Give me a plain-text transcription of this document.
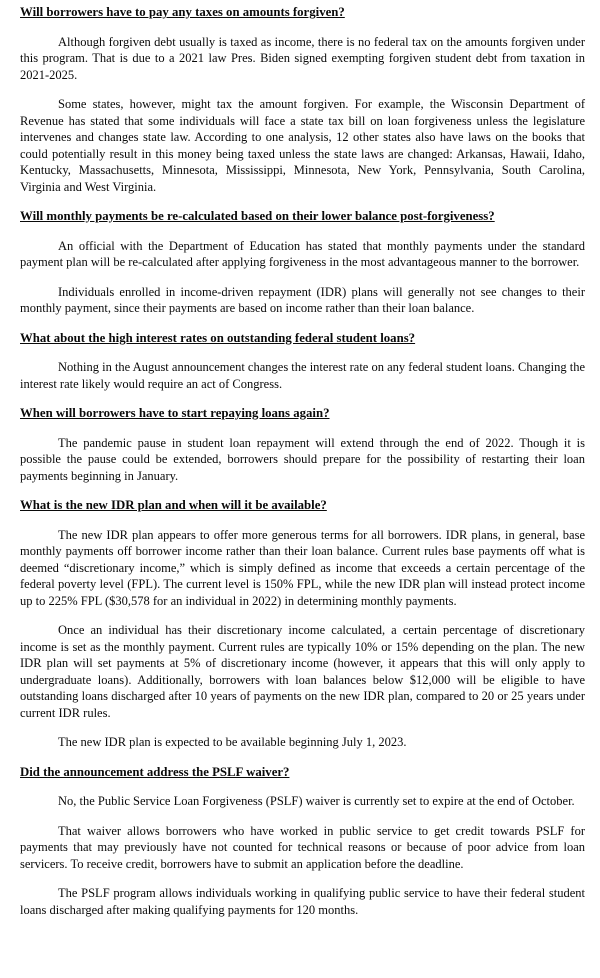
Will borrowers have to pay any taxes on amounts forgiven?

Although forgiven debt usually is taxed as income, there is no federal tax on the amounts forgiven under this program. That is due to a 2021 law Pres. Biden signed exempting forgiven student debt from taxation in 2021-2025.

Some states, however, might tax the amount forgiven. For example, the Wisconsin Department of Revenue has stated that some individuals will face a state tax bill on loan forgiveness unless the legislature intervenes and changes state law. According to one analysis, 12 other states also have laws on the books that could potentially result in this money being taxed unless the state laws are changed: Arkansas, Hawaii, Idaho, Kentucky, Massachusetts, Minnesota, Mississippi, Minnesota, New York, Pennsylvania, South Carolina, Virginia and West Virginia.

Will monthly payments be re-calculated based on their lower balance post-forgiveness?

An official with the Department of Education has stated that monthly payments under the standard payment plan will be re-calculated after applying forgiveness in the most advantageous manner to the borrower.

Individuals enrolled in income-driven repayment (IDR) plans will generally not see changes to their monthly payment, since their payments are based on income rather than their loan balance.

What about the high interest rates on outstanding federal student loans?

Nothing in the August announcement changes the interest rate on any federal student loans. Changing the interest rate likely would require an act of Congress.

When will borrowers have to start repaying loans again?

The pandemic pause in student loan repayment will extend through the end of 2022. Though it is possible the pause could be extended, borrowers should prepare for the possibility of restarting their loan payments beginning in January.

What is the new IDR plan and when will it be available?

The new IDR plan appears to offer more generous terms for all borrowers. IDR plans, in general, base monthly payments off borrower income rather than their loan balance. Current rules base payments off what is deemed “discretionary income,” which is simply defined as income that exceeds a certain percentage of the federal poverty level (FPL). The current level is 150% FPL, while the new IDR plan will instead protect income up to 225% FPL ($30,578 for an individual in 2022) in determining monthly payments.

Once an individual has their discretionary income calculated, a certain percentage of discretionary income is set as the monthly payment. Current rules are typically 10% or 15% depending on the plan. The new IDR plan will set payments at 5% of discretionary income (however, it appears that this will only apply to undergraduate loans). Additionally, borrowers with loan balances below $12,000 will be eligible to have outstanding loans discharged after 10 years of payments on the new IDR plan, compared to 20 or 25 years under current IDR rules.

The new IDR plan is expected to be available beginning July 1, 2023.

Did the announcement address the PSLF waiver?

No, the Public Service Loan Forgiveness (PSLF) waiver is currently set to expire at the end of October.

That waiver allows borrowers who have worked in public service to get credit towards PSLF for payments that may previously have not counted for technical reasons or because of poor advice from loan servicers. To receive credit, borrowers have to submit an application before the deadline.

The PSLF program allows individuals working in qualifying public service to have their federal student loans discharged after making qualifying payments for 120 months.
